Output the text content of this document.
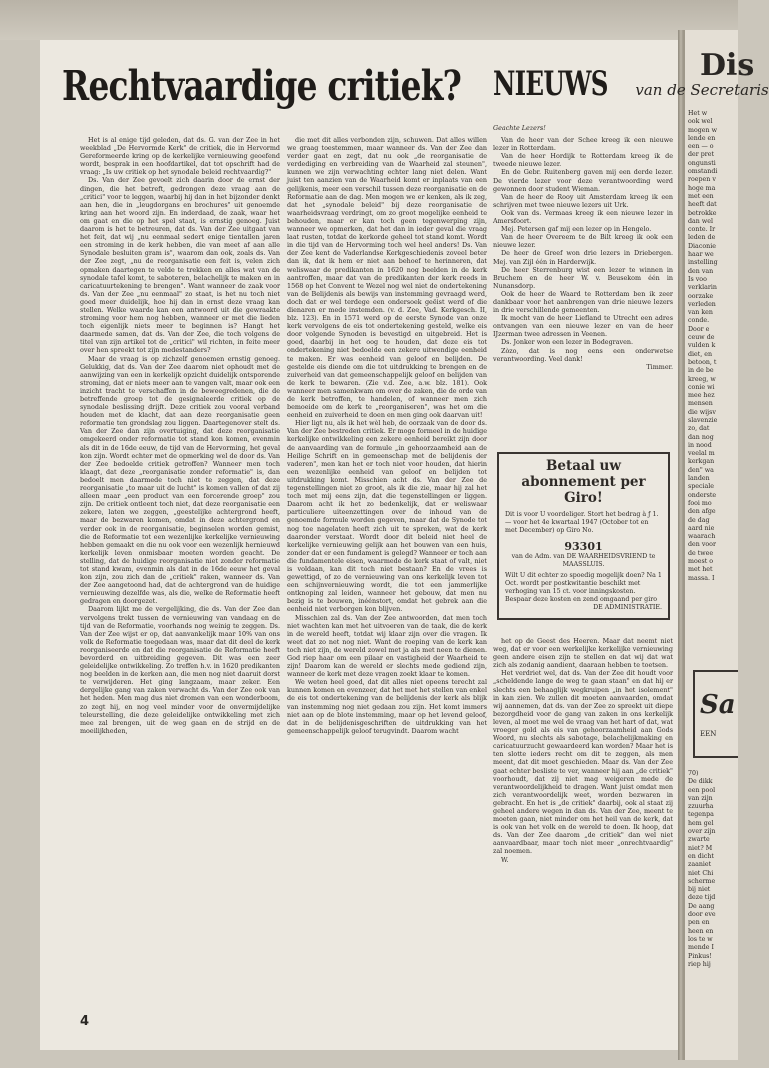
Rechtvaardige critiek? NIEUWS van de Secretaris

Het is al enige tijd geleden, dat ds. G. van der Zee in het weekblad „De Hervormde Kerk" de critiek, die in Hervormd Gereformeerde kring op de kerkelijke vernieuwing geoefend wordt, besprak in een hoofdartikel, dat tot opschrift had de vraag: „Is uw critiek op het synodale beleid rechtvaardig?"

Ds. Van der Zee gevoelt zich daarin door de ernst der dingen, die het betreft, gedrongen deze vraag aan de „critici" voor te leggen, waarbij hij dan in het bijzonder denkt aan hen, die in „leugdorgans en brochures" uit genoemde kring aan het woord zijn. En inderdaad, de zaak, waar het om gaat en die op het spel staat, is ernstig genoeg. Juist daarom is het te betreuren, dat ds. Van der Zee uitgaat van het feit, dat wij „nu eenmaal sedert enige tientallen jaren een stroming in de kerk hebben, die van meet af aan alle Synodale besluiten gram is", waarom dan ook, zoals ds. Van der Zee zegt, „nu de reorganisatie een feit is, velen zich opmaken daartegen te velde te trekken en alles wat van de synodale tafel komt, te saboteren, belachelijk te maken en in caricatuurtekening te brengen". Want wanneer de zaak voor ds. Van der Zee „nu eenmaal" zo staat, is het nu toch niet goed meer duidelijk, hoe hij dan in ernst deze vraag kan stellen. Welke waarde kan een antwoord uit die gewraakte stroming voor hem nog hebben, wanneer er met die lieden toch eigenlijk niets meer te beginnen is? Hangt het daarmede samen, dat ds. Van der Zee, die toch volgens de titel van zijn artikel tot de „critici" wil richten, in feite meer over hen spreekt tot zijn medestanders?

Maar de vraag is op zichzelf genoemen ernstig genoeg. Gelukkig, dat ds. Van der Zee daarom niet ophoudt met de aanwijzing van een in kerkelijk opzicht duidelijk ontsporende stroming, dat er niets meer aan te vangen valt, maar ook een inzicht tracht te verschaffen in de beweegredenen, die de betreffende groep tot de gesignaleerde critiek op de synodale beslissing drijft. Deze critiek zou vooral verband houden met de klacht, dat aan deze reorganisatie geen reformatie ten grondslag zou liggen. Daartegenover stelt ds. Van der Zee dan zijn overtuiging, dat deze reorganisatie omgekeerd onder reformatie tot stand kon komen, evenmin als dit in de 16de eeuw, de tijd van de Hervorming, het geval kon zijn. Wordt echter met de opmerking wel de door ds. Van der Zee bedoelde critiek getroffen? Wanneer men toch klaagt, dat deze „reorganisatie zonder reformatie" is, dan bedoelt men daarmede toch niet te zeggen, dat deze reorganisatie „to maar uit de lucht" is komen vallen of dat zij alleen maar „een product van een forcerende groep" zou zijn. De critiek ontleent toch niet, dat deze reorganisatie een zekere, laten we zeggen, „geestelijke achtergrond heeft, maar de bezwaren komen, omdat in deze achtergrond en verder ook in de reorganisatie, beginselen worden gemist, die de Reformatie tot een wezenlijke kerkelijke vernieuwing hebben gemaakt en die nu ook voor een wezenlijk hernieuwd kerkelijk leven onmisbaar moeten worden geacht. De stelling, dat de huidige reorganisatie niet zonder reformatie tot stand kwam, evenmin als dat in de 16de eeuw het geval kon zijn, zou zich dan de „critiek" raken, wanneer ds. Van der Zee aangetoond had, dat de achtergrond van de huidige vernieuwing dezelfde was, als die, welke de Reformatie heeft gedragen en doorgezet.

Daarom lijkt me de vergelijking, die ds. Van der Zee dan vervolgens trekt tussen de vernieuwing van vandaag en de tijd van de Reformatie, voorhands nog weinig te zeggen. Ds. Van der Zee wijst er op, dat aanvankelijk maar 10% van ons volk de Reformatie toegedaan was, maar dat dit deel de kerk reorganiseerde en dat die reorganisatie de Reformatie heeft bevorderd en uitbreiding gegeven. Dit was een zeer geleidelijke ontwikkeling. Zo treffen h.v. in 1620 predikanten nog beelden in de kerken aan, die men nog niet daaruit dorst te verwijderen. Het ging langzaam, maar zeker. Een dergelijke gang van zaken verwacht ds. Van der Zee ook van het heden. Men mag dus niet dromen van een wonderboom, zo zegt hij, en nog veel minder voor de onvermijdelijke teleurstelling, die deze geleidelijke ontwikkeling met zich mee zal brengen, uit de weg gaan en de strijd en de moeilijkheden,

die met dit alles verbonden zijn, schuwen. Dat alles willen we graag toestemmen, maar wanneer ds. Van der Zee dan verder gaat en zegt, dat nu ook „de reorganisatie de verdediging en verbreiding van de Waarheid zal steunen", kunnen we zijn verwachting echter lang niet delen. Want juist ten aanzien van de Waarheid komt er inplaats van een gelijkenis, meer een verschil tussen deze reorganisatie en de Reformatie aan de dag. Men mogen we er kenken, als ik zeg, dat het „synodale beleid" bij deze reorganisatie de waarheidsvraag verdringt, om zo groot mogelijke eenheid te behouden, maar er kan toch geen tegenwerping zijn, wanneer we opmerken, dat het dan in ieder geval die vraag laat rusten, totdat de kerkorde geheel tot stand komt. Wordt in die tijd van de Hervorming toch wel heel anders! Ds. Van der Zee kent de Vaderlandse Kerkgeschiedenis zoveel beter dan ik, dat ik hem er niet aan behoef te herinneren, dat weliswaar de predikanten in 1620 nog beelden in de kerk aantroffen, maar dat van de predikanten der kerk reeds in 1568 op het Convent te Wezel nog wel niet de ondertekening van de Belijdenis als bewijs van instemming gevraagd werd, doch dat er wel terdege een ondersoek geëist werd of die dienaren er mede instemden. (v. d. Zee, Vad. Kerkgesch. II, blz. 123). En in 1571 werd op de eerste Synode van onze kerk vervolgens de eis tot ondertekening gesteld, welke eis door volgende Synoden is bevestigd en uitgebreid. Het is goed, daarbij in het oog te houden, dat deze eis tot ondertekening niet bedoelde een zekere uitwendige eenheid te maken. Er was eenheid van geloof en belijden. De gestelde eis diende om die tot uitdrukking te brengen en de zuiverheid van dat gemeenschappelijk geloof en belijden van de kerk te bewaren. (Zie v.d. Zee, a.w. blz. 181). Ook wanneer men samenkwam om over de zaken, die de orde van de kerk betroffen, te handelen, of wanneer men zich bemoeide om de kerk te „reorganiseren", was het om die eenheid en zuiverheid te doen en men ging ook daarvan uit!

Hier ligt nu, als ik het wèl heb, de oorzaak van de door ds. Van der Zee bestreden critiek. Er moge formeel in de huidige kerkelijke ontwikkeling een zekere eenheid bereikt zijn door de aanvaarding van de formule „in gehoorzaamheid aan de Heilige Schrift en in gemeenschap met de belijdenis der vaderen", men kan het er toch niet voor houden, dat hierin een wezenlijke eenheid van geloof en belijden tot uitdrukking komt. Misschien acht ds. Van der Zee de tegenstellingen niet zo groot, als ik die zie, maar hij zal het toch met mij eens zijn, dat die tegenstellingen er liggen. Daarom acht ik het zo bedenkelijk, dat er weliswaar particuliere uiteenzettingen over de inhoud van de genoemde formule worden gegeven, maar dat de Synode tot nog toe nagelaten heeft zich uit te spreken, wat de kerk daaronder verstaat. Wordt door dit beleid niet heel de kerkelijke vernieuwing gelijk aan het bouwen van een huis, zonder dat er een fundament is gelegd? Wanneer er toch aan die fundamentele eisen, waarmede de kerk staat of valt, niet is voldaan, kan dit toch niet bestaan? En de vrees is gewettigd, of zo de vernieuwing van ons kerkelijk leven tot een schijnvernieuwing wordt, die tot een jammerlijke ontknoping zal leiden, wanneer het gebouw, dat men nu bezig is te bouwen, inéénstort, omdat het gebrek aan die eenheid niet verborgen kon blijven.

Misschien zal ds. Van der Zee antwoorden, dat men toch niet wachten kan met het uitvoeren van de taak, die de kerk in de wereld heeft, totdat wij klaar zijn over die vragen. Ik weet dat zo net nog niet. Want de roeping van de kerk kan toch niet zijn, de wereld zowel met ja als met neen te dienen. God riep haar om een pilaar en vastigheid der Waarheid te zijn! Daarom kan de wereld er slechts mede gediend zijn, wanneer de kerk met deze vragen zoekt klaar te komen.

We weten heel goed, dat dit alles niet opeens terecht zal kunnen komen en evenzeer, dat het met het stellen van enkel de eis tot ondertekening van de belijdenis der kerk als blijk van instemming nog niet gedaan zou zijn. Het komt immers niet aan op de blote instemming, maar op het levend geloof, dat in de belijdenisgeschriften de uitdrukking van het gemeenschappelijk geloof terugvindt. Daarom wacht

Geachte Lezers!

Van de heer van der Schee kreeg ik een nieuwe lezer in Rotterdam.

Van de heer Hordijk te Rotterdam kreeg ik de tweede nieuwe lezer.

En de Gebr. Ruitenberg gaven mij een derde lezer. De vierde lezer voor deze verantwoording werd gewonnen door student Wieman.

Van de heer de Rooy uit Amsterdam kreeg ik een schrijven met twee nieuwe lezers uit Urk.

Ook van ds. Vermaas kreeg ik een nieuwe lezer in Amersfoort.

Mej. Petersen gaf mij een lezer op in Hengelo.

Van de heer Overeem te de Bilt kreeg ik ook een nieuwe lezer.

De heer de Greef won drie lezers in Driebergen. Mej. van Zijl één in Harderwijk.

De heer Sterrenburg wist een lezer te winnen in Bruchem en de heer W. v. Beusekom één in Nunansdorp.

Ook de heer de Waard te Rotterdam ben ik zeer dankbaar voor het aanbrengen van drie nieuwe lezers in drie verschillende gemeenten.

Ik mocht van de heer Liefland te Utrecht een adres ontvangen van een nieuwe lezer en van de heer IJzerman twee adressen in Veenen.

Ds. Jonker won een lezer in Bodegraven.

Zòzo, dat is nog eens een onderwetse verantwoording. Veel dank!

Timmer.

Betaal uw abonnement per Giro!
Dit is voor U voordeliger. Stort het bedrag à ƒ 1.— voor het 4e kwartaal 1947 (October tot en met December) op Giro No.
93301
van de Adm. van DE WAARHEIDSVRIEND te MAASSLUIS.
Wilt U dit echter zo spoedig mogelijk doen? Na 1 Oct. wordt per postkwitantie beschikt met verhoging van 15 ct. voor inningskosten. Bespaar deze kosten en zend omgaand per giro
DE ADMINISTRATIE.

het op de Geest des Heeren. Maar dat neemt niet weg, dat er voor een werkelijke kerkelijke vernieuwing geen andere eisen zijn te stellen en dat wij dat wat zich als zodanig aandient, daaraan hebben te toetsen.

Het verdriet wel, dat ds. Van der Zee dit houdt voor „scheldende lange de weg te gaan staan" en dat hij er slechts een behaaglijk wegkruipen „in het isolement" in kan zien. We zullen dit moeten aanvaarden, omdat wij aannemen, dat ds. van der Zee zo spreekt uit diepe bezorgdheid voor de gang van zaken in ons kerkelijk leven, al moet me wel de vraag van het hart of dat, wat vroeger gold als eis van gehoorzaamheid aan Gods Woord, nu slechts als sabotage, belachelijkmaking en caricatuurzucht gewaardeerd kan worden? Maar het is ten slotte ieders recht om dit te zeggen, als men meent, dat dit moet geschieden. Maar ds. Van der Zee gaat echter besliste te ver, wanneer hij aan „de critiek" voorhoudt, dat zij niet mag weigeren mede de verantwoordelijkheid te dragen. Want juist omdat men zich verantwoordelijk weet, worden bezwaren in gebracht. En het is „de critiek" daarbij, ook al staat zij geheel andere wegen in dan ds. Van der Zee, meent te moeten gaan, niet minder om het heil van de kerk, dat is ook van het volk en de wereld te doen. Ik hoop, dat ds. Van der Zee daarom „de critiek" dan wel niet aanvaardbaar, maar toch niet meer „onrechtvaardig" zal noemen.

W.

4
Dis
Het w
ook wel
mogen w
lende en
een — o
der pret
ongunsti
omstandi
roepen v
hoge ma
met een
heeft dat
betrokke
dan wel
conte. Ir
leden de
Diaconie
haar we
instelling
den van
Is voo
verklarin
oorzake
verleden
van ken
conde.
Door e
ceuw de
vulden k
diet, en
betoon, t
in de be
kreeg, w
conie wi
mee hez
mensen
die wijsv
slavenzie
zo, dat
dan nog
in nood
veelal m
kerkgan
den" wa
landen
speciale
onderste
fooi mo
den afge
de dag
aard nie
waarach
den voor
de twee
moest o
met het
massa. I
Sa
EEN
70)
De dikk
een pool
van zijn
zzuurha
tegenpa
hem gel
over zijn
zwarte
niet? M
en dicht
zaaniet
niet Chi
scherme
bij niet
deze tijd
De aang
door eve
pen en
heen en
los te w
mende I
Pinkus!
riep hij
